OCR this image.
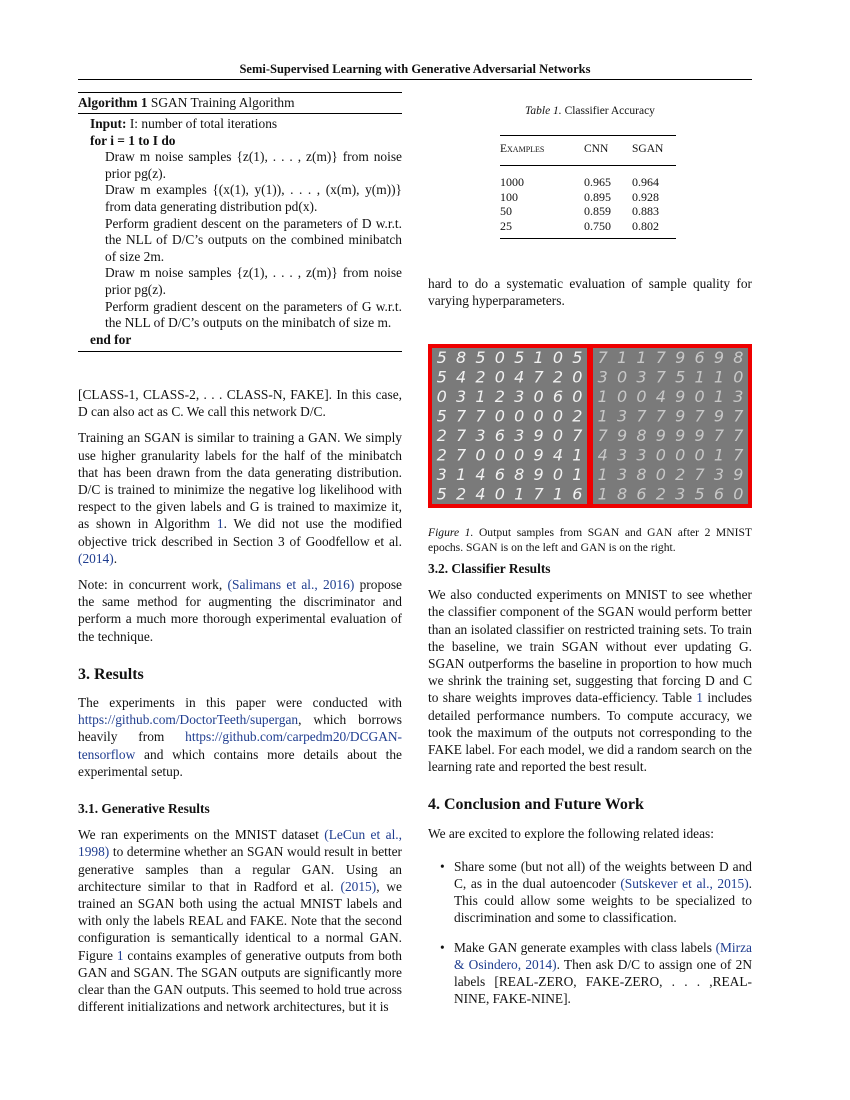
Semi-Supervised Learning with Generative Adversarial Networks
Algorithm 1 SGAN Training Algorithm
Input: I: number of total iterations
for i = 1 to I do
Draw m noise samples {z(1), . . . , z(m)} from noise prior pg(z).
Draw m examples {(x(1), y(1)), . . . , (x(m), y(m))} from data generating distribution pd(x).
Perform gradient descent on the parameters of D w.r.t. the NLL of D/C’s outputs on the combined minibatch of size 2m.
Draw m noise samples {z(1), . . . , z(m)} from noise prior pg(z).
Perform gradient descent on the parameters of G w.r.t. the NLL of D/C’s outputs on the minibatch of size m.
end for

[CLASS-1, CLASS-2, . . . CLASS-N, FAKE]. In this case, D can also act as C. We call this network D/C.

Training an SGAN is similar to training a GAN. We simply use higher granularity labels for the half of the minibatch that has been drawn from the data generating distribution. D/C is trained to minimize the negative log likelihood with respect to the given labels and G is trained to maximize it, as shown in Algorithm 1. We did not use the modified objective trick described in Section 3 of Goodfellow et al. (2014).

Note: in concurrent work, (Salimans et al., 2016) propose the same method for augmenting the discriminator and perform a much more thorough experimental evaluation of the technique.

3. Results

The experiments in this paper were conducted with https://github.com/DoctorTeeth/supergan, which borrows heavily from https://github.com/carpedm20/DCGAN-tensorflow and which contains more details about the experimental setup.

3.1. Generative Results

We ran experiments on the MNIST dataset (LeCun et al., 1998) to determine whether an SGAN would result in better generative samples than a regular GAN. Using an architecture similar to that in Radford et al. (2015), we trained an SGAN both using the actual MNIST labels and with only the labels REAL and FAKE. Note that the second configuration is semantically identical to a normal GAN. Figure 1 contains examples of generative outputs from both GAN and SGAN. The SGAN outputs are significantly more clear than the GAN outputs. This seemed to hold true across different initializations and network architectures, but it is

Table 1. Classifier Accuracy
Examples	CNN	SGAN
1000	0.965	0.964
100	0.895	0.928
50	0.859	0.883
25	0.750	0.802

hard to do a systematic evaluation of sample quality for varying hyperparameters.

5 8 5 0 5 1 0 5
5 4 2 0 4 7 2 0
0 3 1 2 3 0 6 0
5 7 7 0 0 0 0 2
2 7 3 6 3 9 0 7
2 7 0 0 0 9 4 1
3 1 4 6 8 9 0 1
5 2 4 0 1 7 1 6
7 1 1 7 9 6 9 8
3 0 3 7 5 1 1 0
1 0 0 4 9 0 1 3
1 3 7 7 9 7 9 7
7 9 8 9 9 9 7 7
4 3 3 0 0 0 1 7
1 3 8 0 2 7 3 9
1 8 6 2 3 5 6 0
Figure 1. Output samples from SGAN and GAN after 2 MNIST epochs. SGAN is on the left and GAN is on the right.
3.2. Classifier Results

We also conducted experiments on MNIST to see whether the classifier component of the SGAN would perform better than an isolated classifier on restricted training sets. To train the baseline, we train SGAN without ever updating G. SGAN outperforms the baseline in proportion to how much we shrink the training set, suggesting that forcing D and C to share weights improves data-efficiency. Table 1 includes detailed performance numbers. To compute accuracy, we took the maximum of the outputs not corresponding to the FAKE label. For each model, we did a random search on the learning rate and reported the best result.

4. Conclusion and Future Work

We are excited to explore the following related ideas:

• Share some (but not all) of the weights between D and C, as in the dual autoencoder (Sutskever et al., 2015). This could allow some weights to be specialized to discrimination and some to classification.
• Make GAN generate examples with class labels (Mirza & Osindero, 2014). Then ask D/C to assign one of 2N labels [REAL-ZERO, FAKE-ZERO, . . . ,REAL-NINE, FAKE-NINE].
